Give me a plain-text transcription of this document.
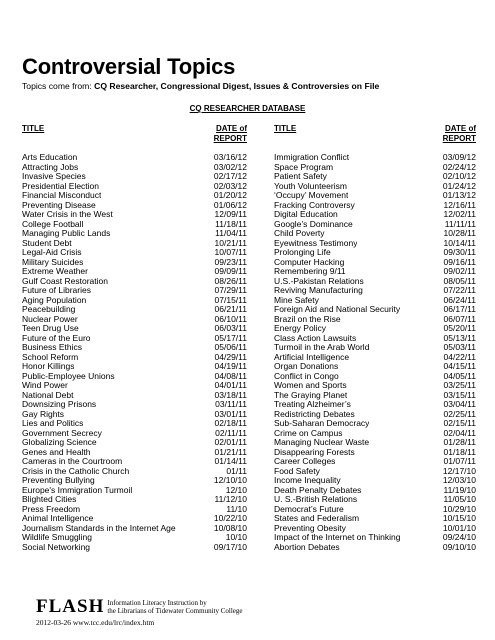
Controversial Topics
Topics come from: CQ Researcher, Congressional Digest, Issues & Controversies on File
CQ RESEARCHER DATABASE
TITLE	DATE of
REPORT
TITLE	DATE of
REPORT
Arts Education	03/16/12
Attracting Jobs	03/02/12
Invasive Species	02/17/12
Presidential Election	02/03/12
Financial Misconduct	01/20/12
Preventing Disease	01/06/12
Water Crisis in the West	12/09/11
College Football	11/18/11
Managing Public Lands	11/04/11
Student Debt	10/21/11
Legal-Aid Crisis	10/07/11
Military Suicides	09/23/11
Extreme Weather	09/09/11
Gulf Coast Restoration	08/26/11
Future of Libraries	07/29/11
Aging Population	07/15/11
Peacebuilding	06/21/11
Nuclear Power	06/10/11
Teen Drug Use	06/03/11
Future of the Euro	05/17/11
Business Ethics	05/06/11
School Reform	04/29/11
Honor Killings	04/19/11
Public-Employee Unions	04/08/11
Wind Power	04/01/11
National Debt	03/18/11
Downsizing Prisons	03/11/11
Gay Rights	03/01/11
Lies and Politics	02/18/11
Government Secrecy	02/11/11
Globalizing Science	02/01/11
Genes and Health	01/21/11
Cameras in the Courtroom	01/14/11
Crisis in the Catholic Church	01/11
Preventing Bullying	12/10/10
Europe's Immigration Turmoil	12/10
Blighted Cities	11/12/10
Press Freedom	11/10
Animal Intelligence	10/22/10
Journalism Standards in the Internet Age	10/08/10
Wildlife Smuggling	10/10
Social Networking	09/17/10
Immigration Conflict	03/09/12
Space Program	02/24/12
Patient Safety	02/10/12
Youth Volunteerism	01/24/12
‘Occupy’ Movement	01/13/12
Fracking Controversy	12/16/11
Digital Education	12/02/11
Google’s Dominance	11/11/11
Child Poverty	10/28/11
Eyewitness Testimony	10/14/11
Prolonging Life	09/30/11
Computer Hacking	09/16/11
Remembering 9/11	09/02/11
U.S.-Pakistan Relations	08/05/11
Reviving Manufacturing	07/22/11
Mine Safety	06/24/11
Foreign Aid and National Security	06/17/11
Brazil on the Rise	06/07/11
Energy Policy	05/20/11
Class Action Lawsuits	05/13/11
Turmoil in the Arab World	05/03/11
Artificial Intelligence	04/22/11
Organ Donations	04/15/11
Conflict in Congo	04/05/11
Women and Sports	03/25/11
The Graying Planet	03/15/11
Treating Alzheimer’s	03/04/11
Redistricting Debates	02/25/11
Sub-Saharan Democracy	02/15/11
Crime on Campus	02/04/11
Managing Nuclear Waste	01/28/11
Disappearing Forests	01/18/11
Career Colleges	01/07/11
Food Safety	12/17/10
Income Inequality	12/03/10
Death Penalty Debates	11/19/10
U. S.-British Relations	11/05/10
Democrat’s Future	10/29/10
States and Federalism	10/15/10
Preventing Obesity	10/01/10
Impact of the Internet on Thinking	09/24/10
Abortion Debates	09/10/10
FLASH Information Literacy Instruction by
the Librarians of Tidewater Community College
2012-03-26 www.tcc.edu/lrc/index.htm
